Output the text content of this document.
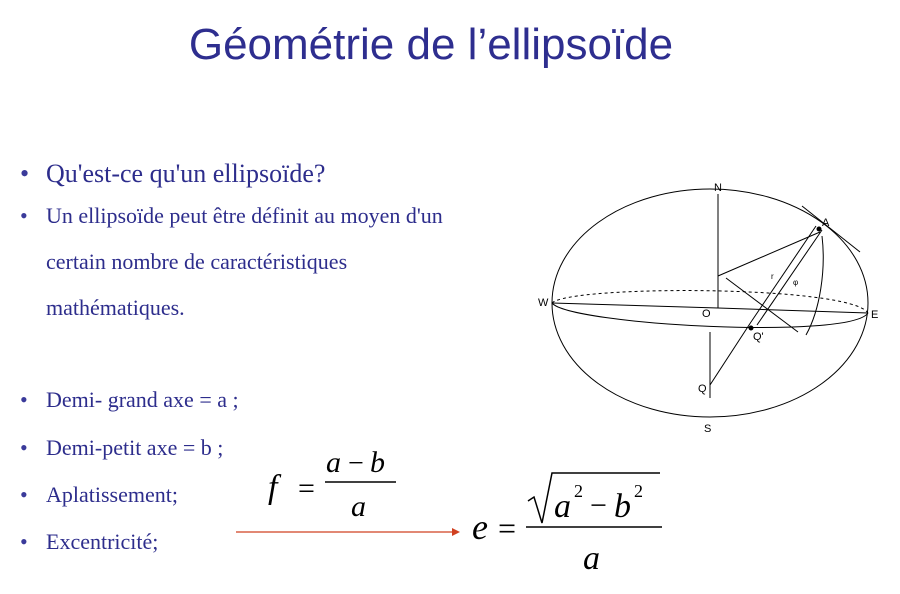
Géométrie de l’ellipsoïde
• Qu'est-ce qu'un ellipsoïde?
• Un ellipsoïde peut être définit au moyen d'un
certain nombre de caractéristiques
mathématiques.
• Demi- grand axe = a ;
• Demi-petit axe = b ;
• Aplatissement;
• Excentricité;
N
W
E
O
A
Q
Q'
S
r
φ
f =
a − b
a
e =
a 2 − b 2
a
